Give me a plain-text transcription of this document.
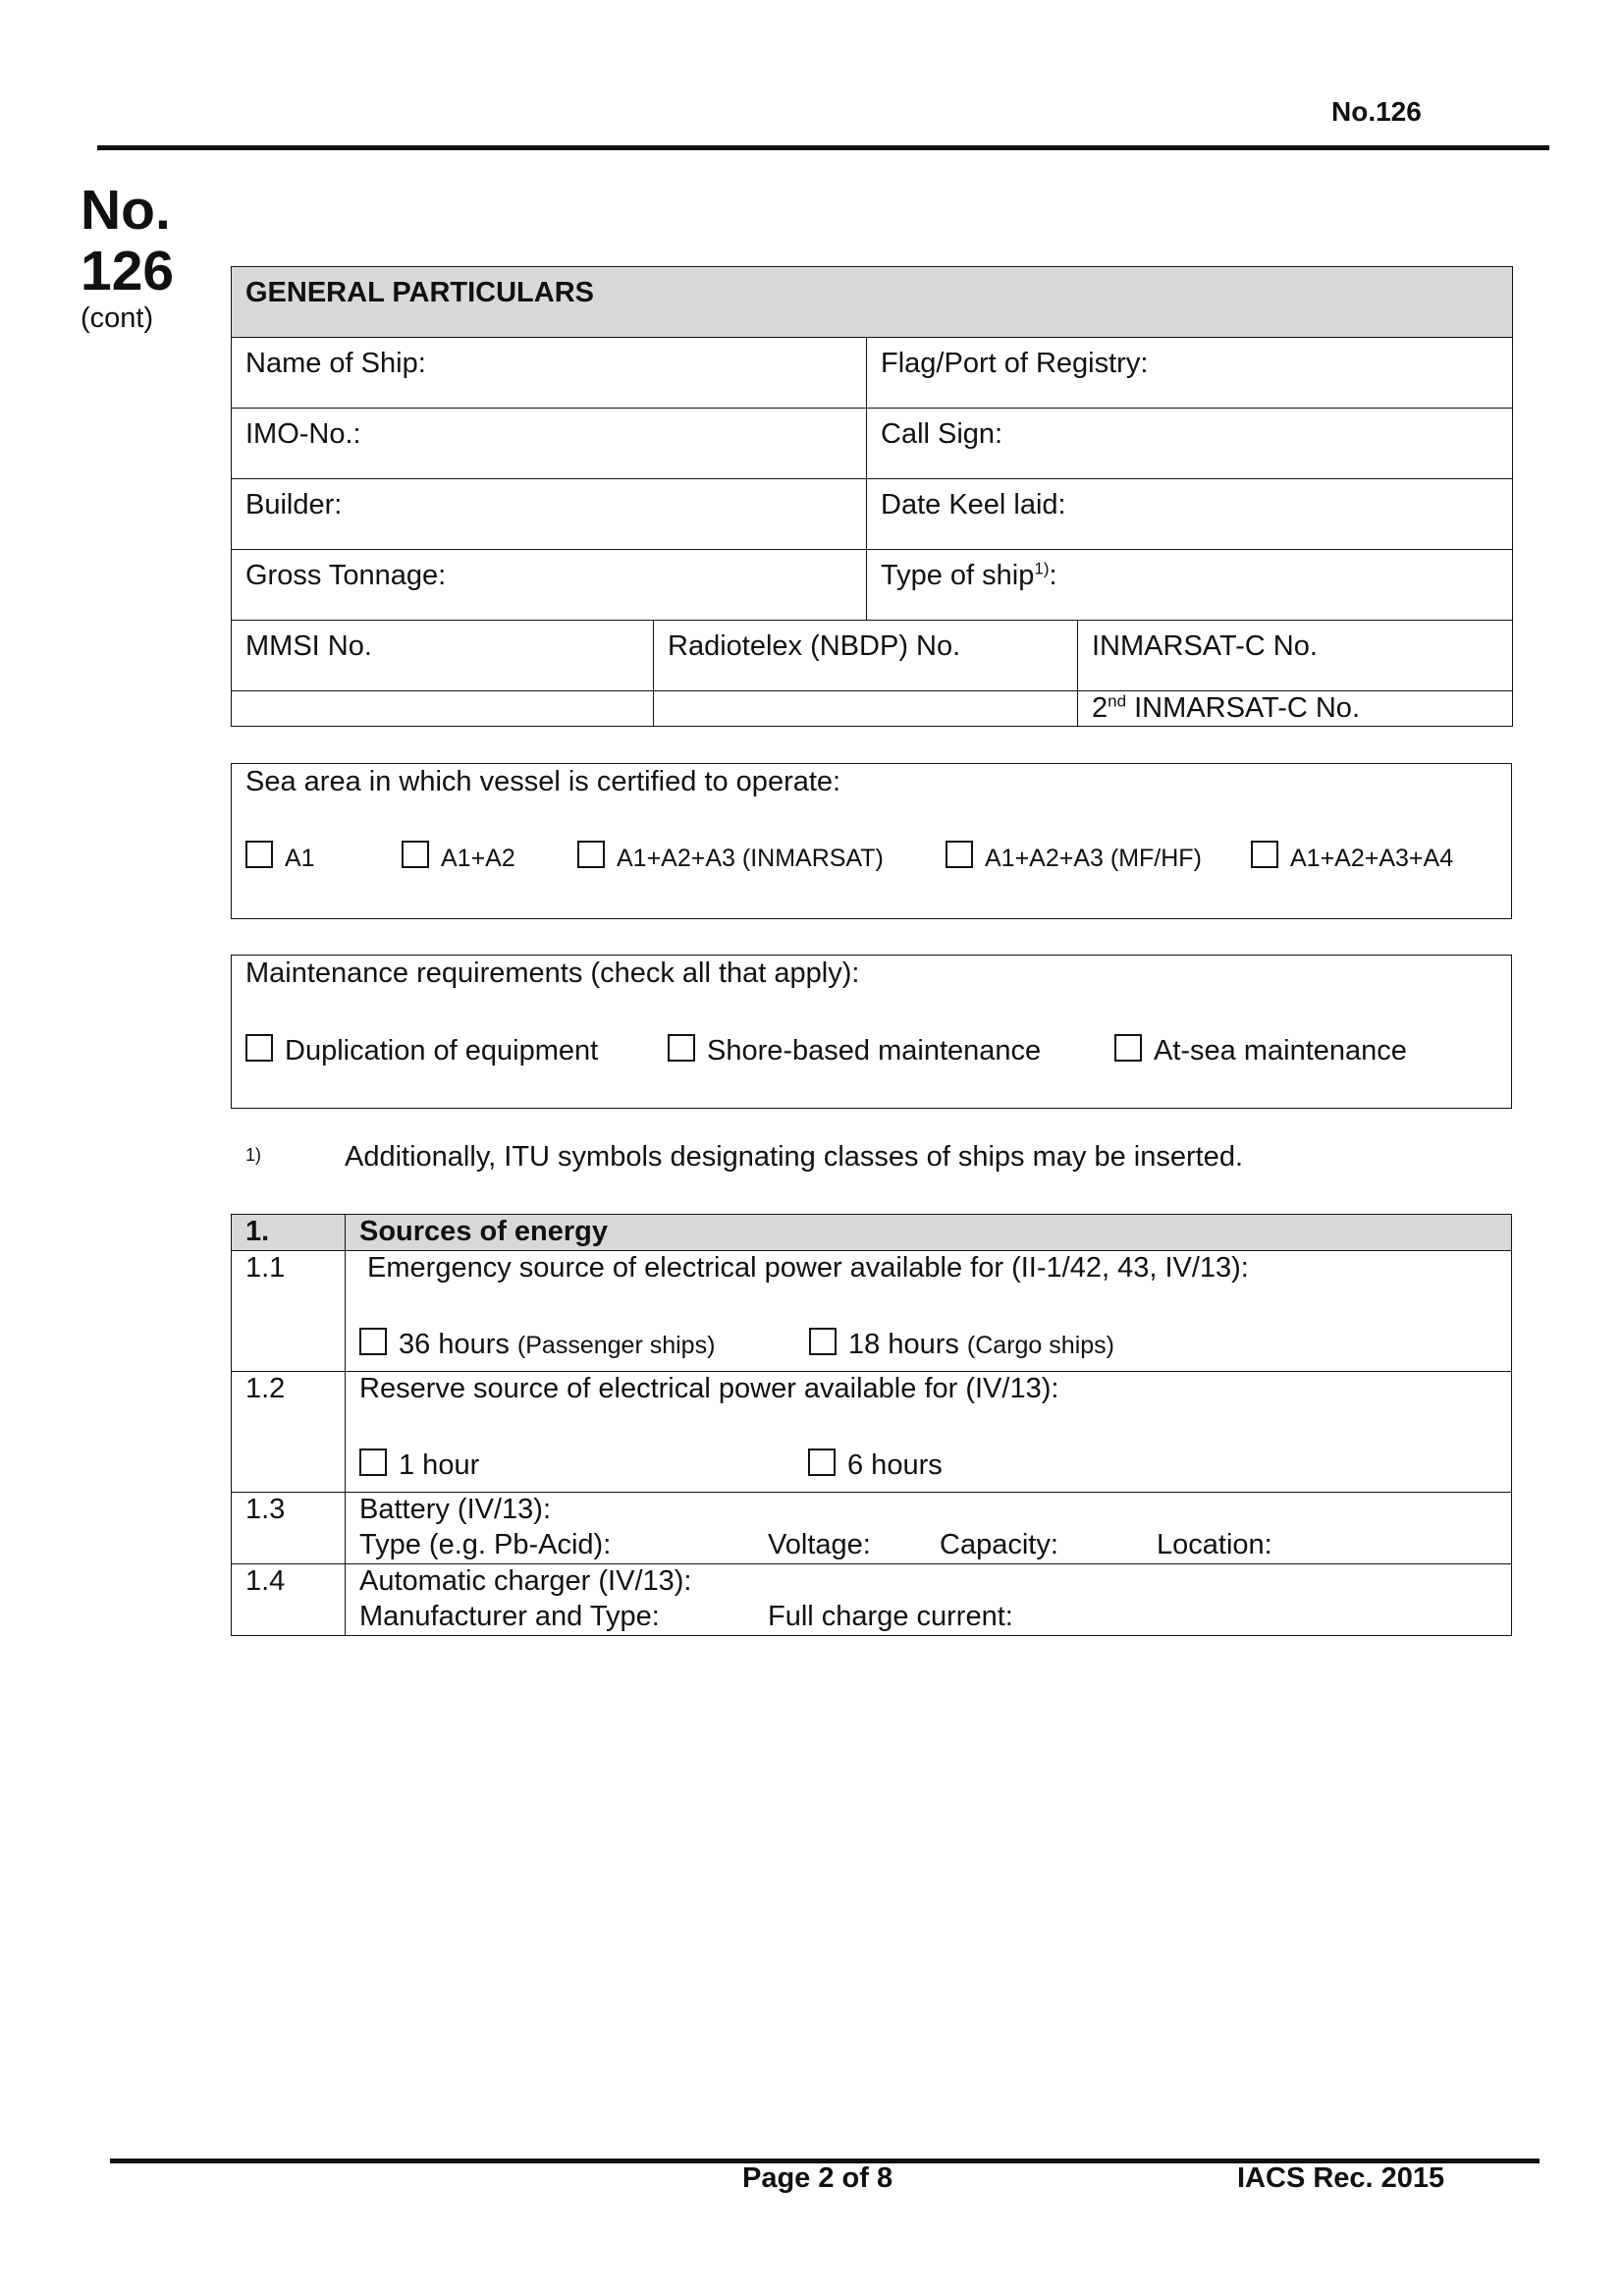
No.126
No.
126
(cont)
GENERAL PARTICULARS			
Name of Ship:		Flag/Port of Registry:	
IMO-No.:		Call Sign:	
Builder:		Date Keel laid:	
Gross Tonnage:		Type of ship$^{1)}$:	
MMSI No.	Radiotelex (NBDP) No.		INMARSAT-C No.
			2nd INMARSAT-C No.
Sea area in which vessel is certified to operate:
A1	A1+A2	A1+A2+A3 (INMARSAT)	A1+A2+A3 (MF/HF)	A1+A2+A3+A4
Maintenance requirements (check all that apply):
Duplication of equipment	Shore-based maintenance	At-sea maintenance
1)	Additionally, ITU symbols designating classes of ships may be inserted.
1.	Sources of energy
1.1	Emergency source of electrical power available for (II-1/42, 43, IV/13):
36 hours (Passenger ships) 18 hours (Cargo ships)

1.2	Reserve source of electrical power available for (IV/13):
1 hour 6 hours

1.3	Battery (IV/13):
Type (e.g. Pb-Acid): Voltage: Capacity: Location:

1.4	Automatic charger (IV/13):
Manufacturer and Type: Full charge current:
Page 2 of 8	IACS Rec. 2015
